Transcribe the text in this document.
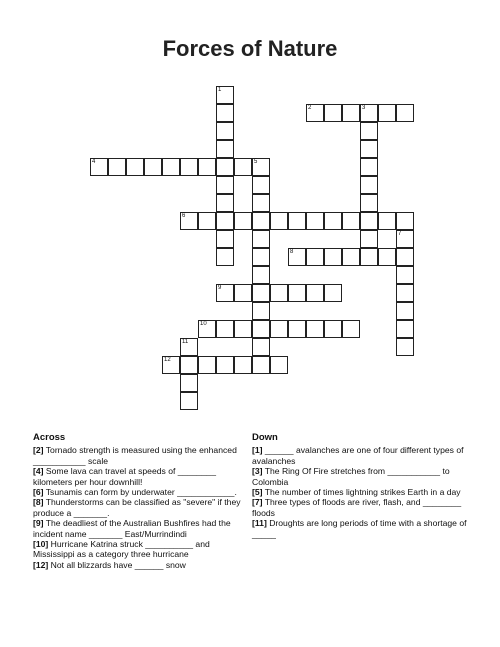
Forces of Nature
1
2	3
4	5
6
7
8
9
10
11
12
Across
[2] Tornado strength is measured using the enhanced ___________ scale
[4] Some lava can travel at speeds of ________ kilometers per hour downhill!
[6] Tsunamis can form by underwater ____________.
[8] Thunderstorms can be classified as "severe" if they produce a _______.
[9] The deadliest of the Australian Bushfires had the incident name _______ East/Murrindindi
[10] Hurricane Katrina struck __________ and Mississippi as a category three hurricane
[12] Not all blizzards have ______ snow
Down
[1] ______ avalanches are one of four different types of avalanches
[3] The Ring Of Fire stretches from ___________ to Colombia
[5] The number of times lightning strikes Earth in a day
[7] Three types of floods are river, flash, and ________ floods
[11] Droughts are long periods of time with a shortage of _____
